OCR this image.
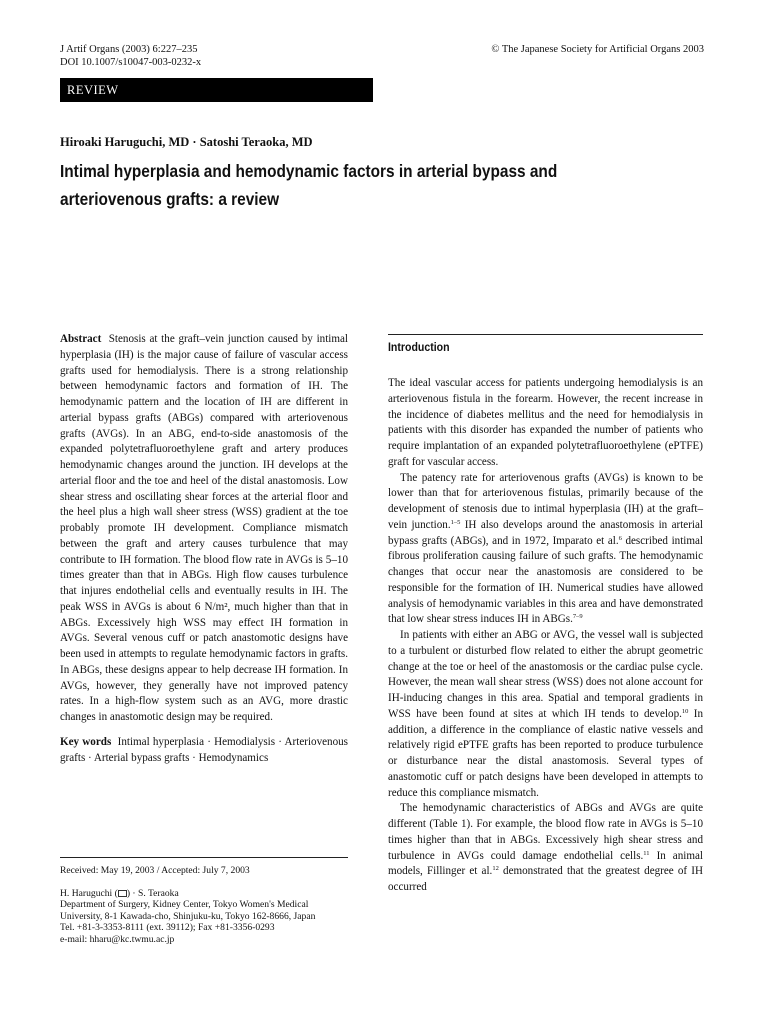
J Artif Organs (2003) 6:227–235
DOI 10.1007/s10047-003-0232-x
© The Japanese Society for Artificial Organs 2003
REVIEW
Hiroaki Haruguchi, MD · Satoshi Teraoka, MD
Intimal hyperplasia and hemodynamic factors in arterial bypass and
arteriovenous grafts: a review

Abstract Stenosis at the graft–vein junction caused by intimal hyperplasia (IH) is the major cause of failure of vascular access grafts used for hemodialysis. There is a strong relationship between hemodynamic factors and formation of IH. The hemodynamic pattern and the location of IH are different in arterial bypass grafts (ABGs) compared with arteriovenous grafts (AVGs). In an ABG, end-to-side anastomosis of the expanded polytetrafluoroethylene graft and artery produces hemodynamic changes around the junction. IH develops at the arterial floor and the toe and heel of the distal anastomosis. Low shear stress and oscillating shear forces at the arterial floor and the heel plus a high wall sheer stress (WSS) gradient at the toe probably promote IH development. Compliance mismatch between the graft and artery causes turbulence that may contribute to IH formation. The blood flow rate in AVGs is 5–10 times greater than that in ABGs. High flow causes turbulence that injures endothelial cells and eventually results in IH. The peak WSS in AVGs is about 6 N/m², much higher than that in ABGs. Excessively high WSS may effect IH formation in AVGs. Several venous cuff or patch anastomotic designs have been used in attempts to regulate hemodynamic factors in grafts. In ABGs, these designs appear to help decrease IH formation. In AVGs, however, they generally have not improved patency rates. In a high-flow system such as an AVG, more drastic changes in anastomotic design may be required.

Key words Intimal hyperplasia · Hemodialysis · Arteriovenous grafts · Arterial bypass grafts · Hemodynamics

Received: May 19, 2003 / Accepted: July 7, 2003
H. Haruguchi ( ) · S. Teraoka
Department of Surgery, Kidney Center, Tokyo Women's Medical
University, 8-1 Kawada-cho, Shinjuku-ku, Tokyo 162-8666, Japan
Tel. +81-3-3353-8111 (ext. 39112); Fax +81-3356-0293
e-mail: hharu@kc.twmu.ac.jp
Introduction

The ideal vascular access for patients undergoing hemodialysis is an arteriovenous fistula in the forearm. However, the recent increase in the incidence of diabetes mellitus and the need for hemodialysis in patients with this disorder has expanded the number of patients who require implantation of an expanded polytetrafluoroethylene (ePTFE) graft for vascular access.

The patency rate for arteriovenous grafts (AVGs) is known to be lower than that for arteriovenous fistulas, primarily because of the development of stenosis due to intimal hyperplasia (IH) at the graft–vein junction.$^{1-5}$ IH also develops around the anastomosis in arterial bypass grafts (ABGs), and in 1972, Imparato et al.$^6$ described intimal fibrous proliferation causing failure of such grafts. The hemodynamic changes that occur near the anastomosis are considered to be responsible for the formation of IH. Numerical studies have allowed analysis of hemodynamic variables in this area and have demonstrated that low shear stress induces IH in ABGs.$^{7-9}$

In patients with either an ABG or AVG, the vessel wall is subjected to a turbulent or disturbed flow related to either the abrupt geometric change at the toe or heel of the anastomosis or the cardiac pulse cycle. However, the mean wall shear stress (WSS) does not alone account for IH-inducing changes in this area. Spatial and temporal gradients in WSS have been found at sites at which IH tends to develop.$^{10}$ In addition, a difference in the compliance of elastic native vessels and relatively rigid ePTFE grafts has been reported to produce turbulence or disturbance near the distal anastomosis. Several types of anastomotic cuff or patch designs have been developed in attempts to reduce this compliance mismatch.

The hemodynamic characteristics of ABGs and AVGs are quite different (Table 1). For example, the blood flow rate in AVGs is 5–10 times higher than that in ABGs. Excessively high shear stress and turbulence in AVGs could damage endothelial cells.$^{11}$ In animal models, Fillinger et al.$^{12}$ demonstrated that the greatest degree of IH occurred
